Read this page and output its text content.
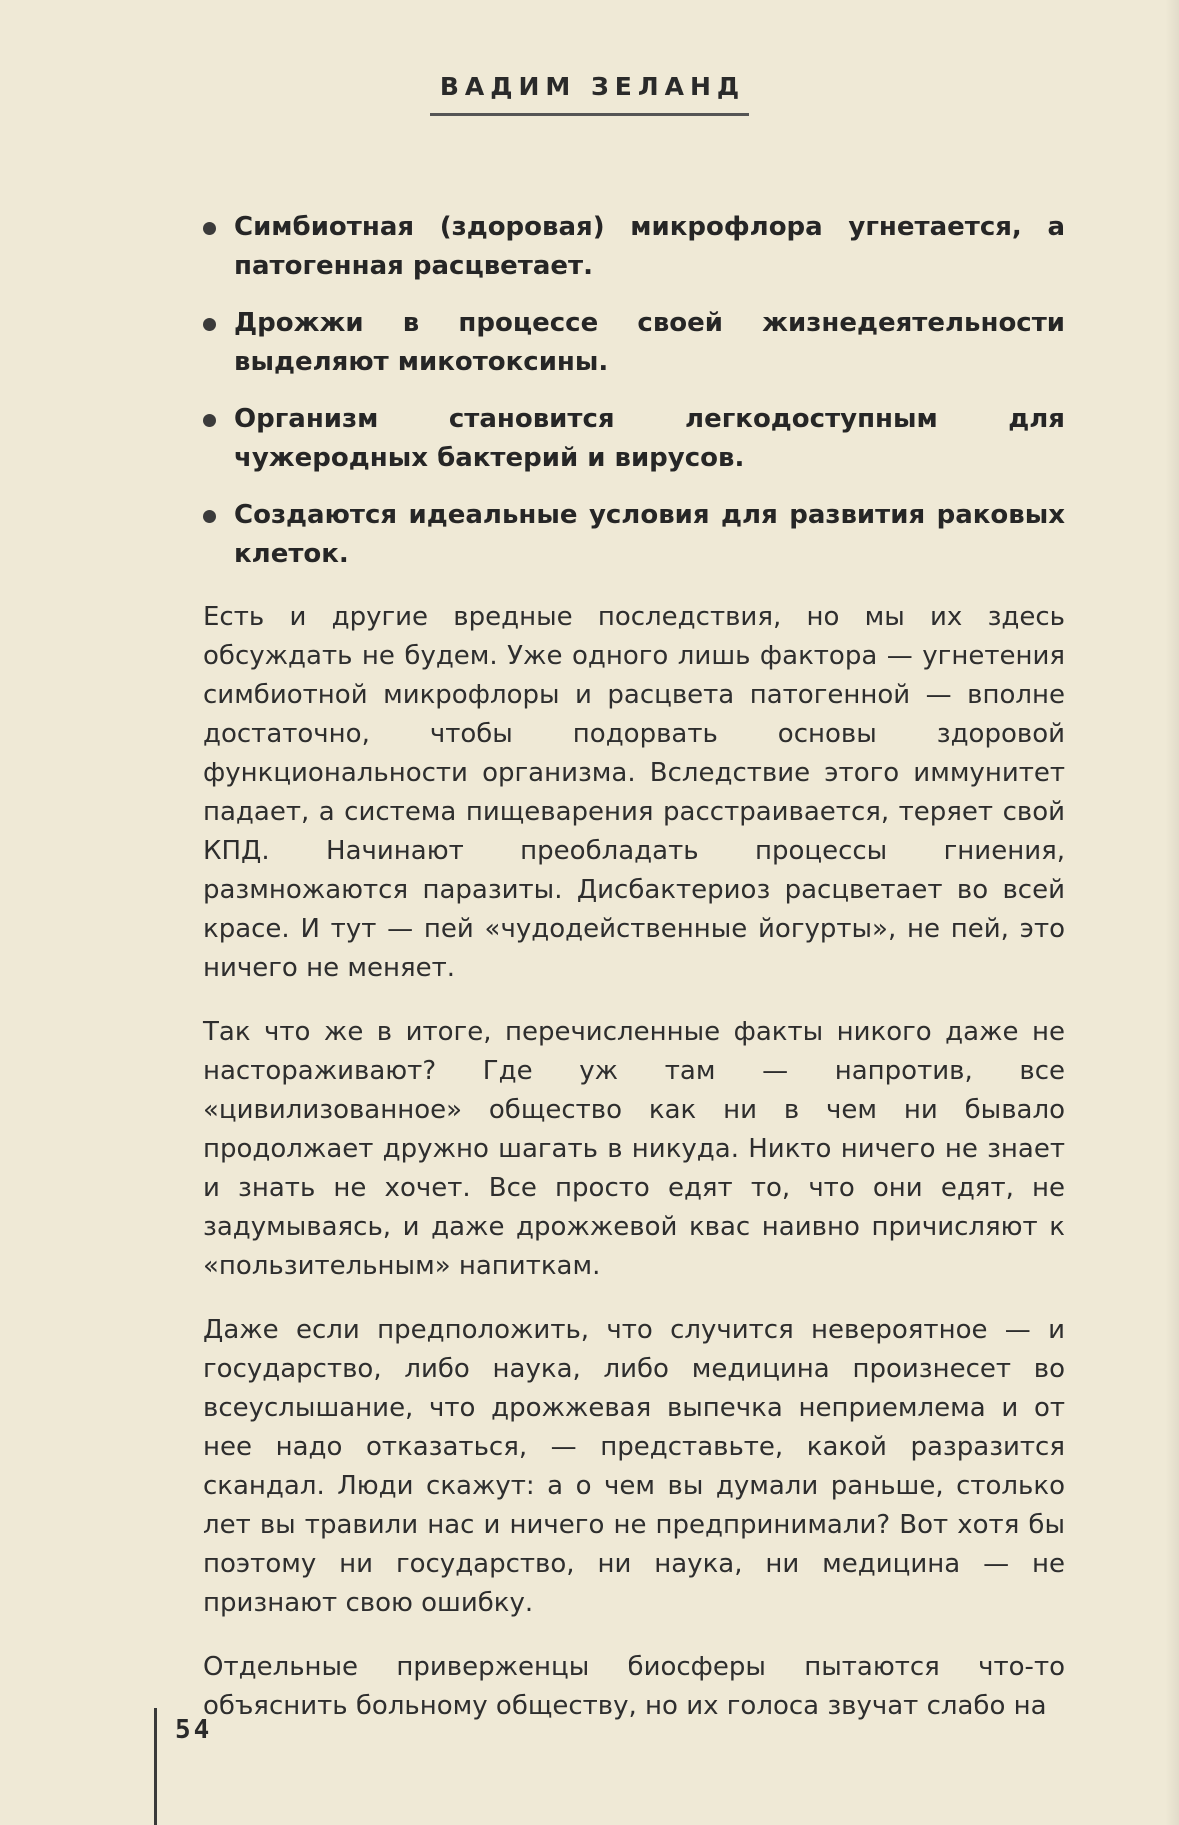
ВАДИМ ЗЕЛАНД
Симбиотная (здоровая) микрофлора угнетается, а патогенная расцветает.
Дрожжи в процессе своей жизнедеятельности выделяют микотоксины.
Организм становится легкодоступным для чужеродных бактерий и вирусов.
Создаются идеальные условия для развития раковых клеток.

Есть и другие вредные последствия, но мы их здесь обсуждать не будем. Уже одного лишь фактора — угнетения симбиотной микрофлоры и расцвета патогенной — вполне достаточно, чтобы подорвать основы здоровой функциональности организма. Вследствие этого иммунитет падает, а система пищеварения расстраивается, теряет свой КПД. Начинают преобладать процессы гниения, размножаются паразиты. Дисбактериоз расцветает во всей красе. И тут — пей «чудодейственные йогурты», не пей, это ничего не меняет.

Так что же в итоге, перечисленные факты никого даже не настораживают? Где уж там — напротив, все «цивилизованное» общество как ни в чем ни бывало продолжает дружно шагать в никуда. Никто ничего не знает и знать не хочет. Все просто едят то, что они едят, не задумываясь, и даже дрожжевой квас наивно причисляют к «пользительным» напиткам.

Даже если предположить, что случится невероятное — и государство, либо наука, либо медицина произнесет во всеуслышание, что дрожжевая выпечка неприемлема и от нее надо отказаться, — представьте, какой разразится скандал. Люди скажут: а о чем вы думали раньше, столько лет вы травили нас и ничего не предпринимали? Вот хотя бы поэтому ни государство, ни наука, ни медицина — не признают свою ошибку.

Отдельные приверженцы биосферы пытаются что-то объяснить больному обществу, но их голоса звучат слабо на

54
